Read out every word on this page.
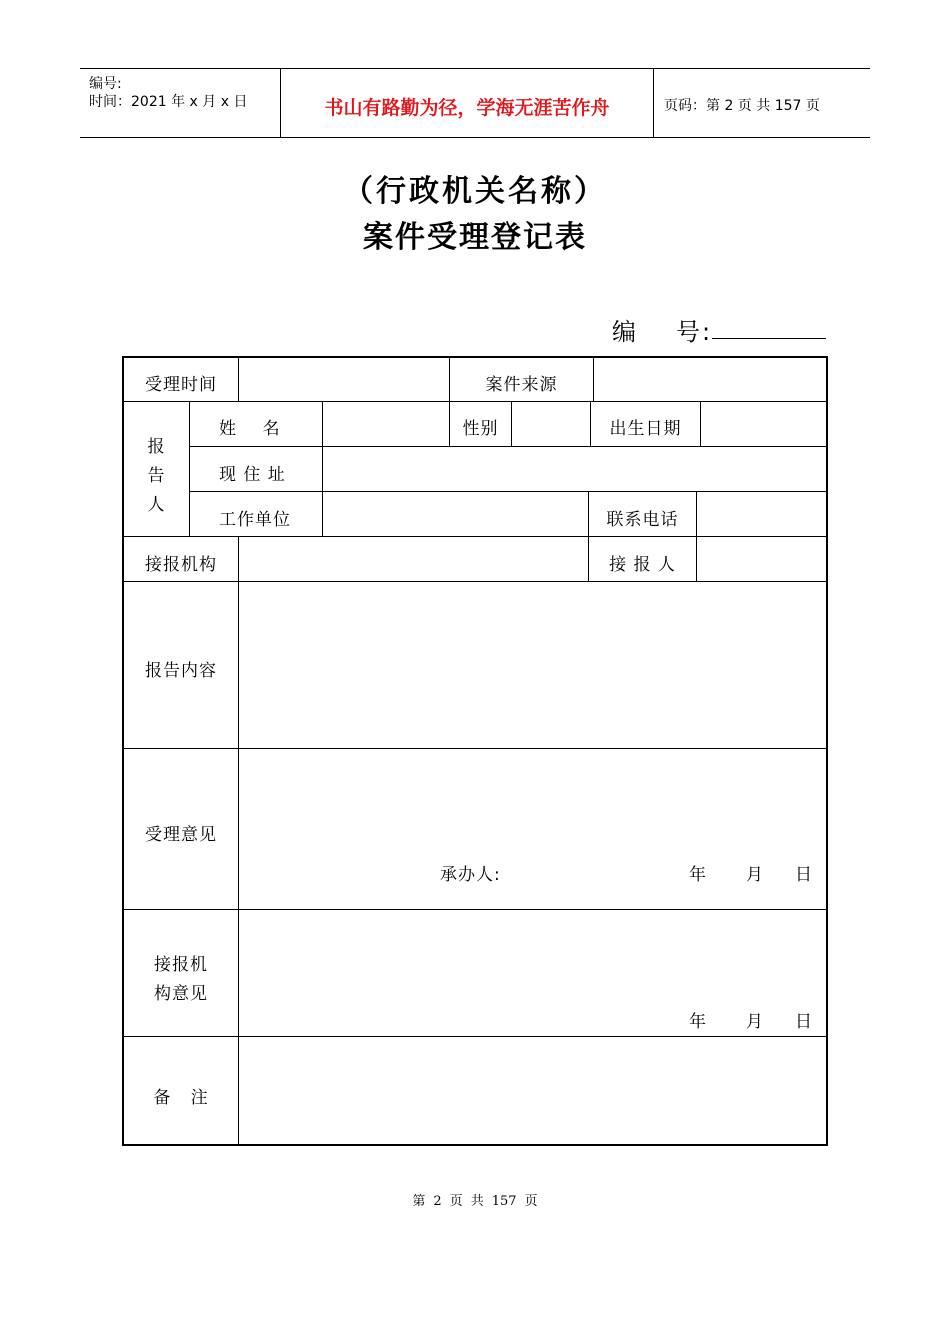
编号:
时间：2021 年 x 月 x 日	书山有路勤为径，学海无涯苦作舟	页码：第 2 页 共 157 页
（行政机关名称）
案件受理登记表
编 号:
受理时间	案件来源
报
告
人
姓    名	性别	出生日期
现 住 址
工作单位	联系电话
接报机构	接 报 人
报告内容
受理意见
承办人:	年 月 日
接报机
构意见
年 月 日
备   注
第 2 页 共 157 页
